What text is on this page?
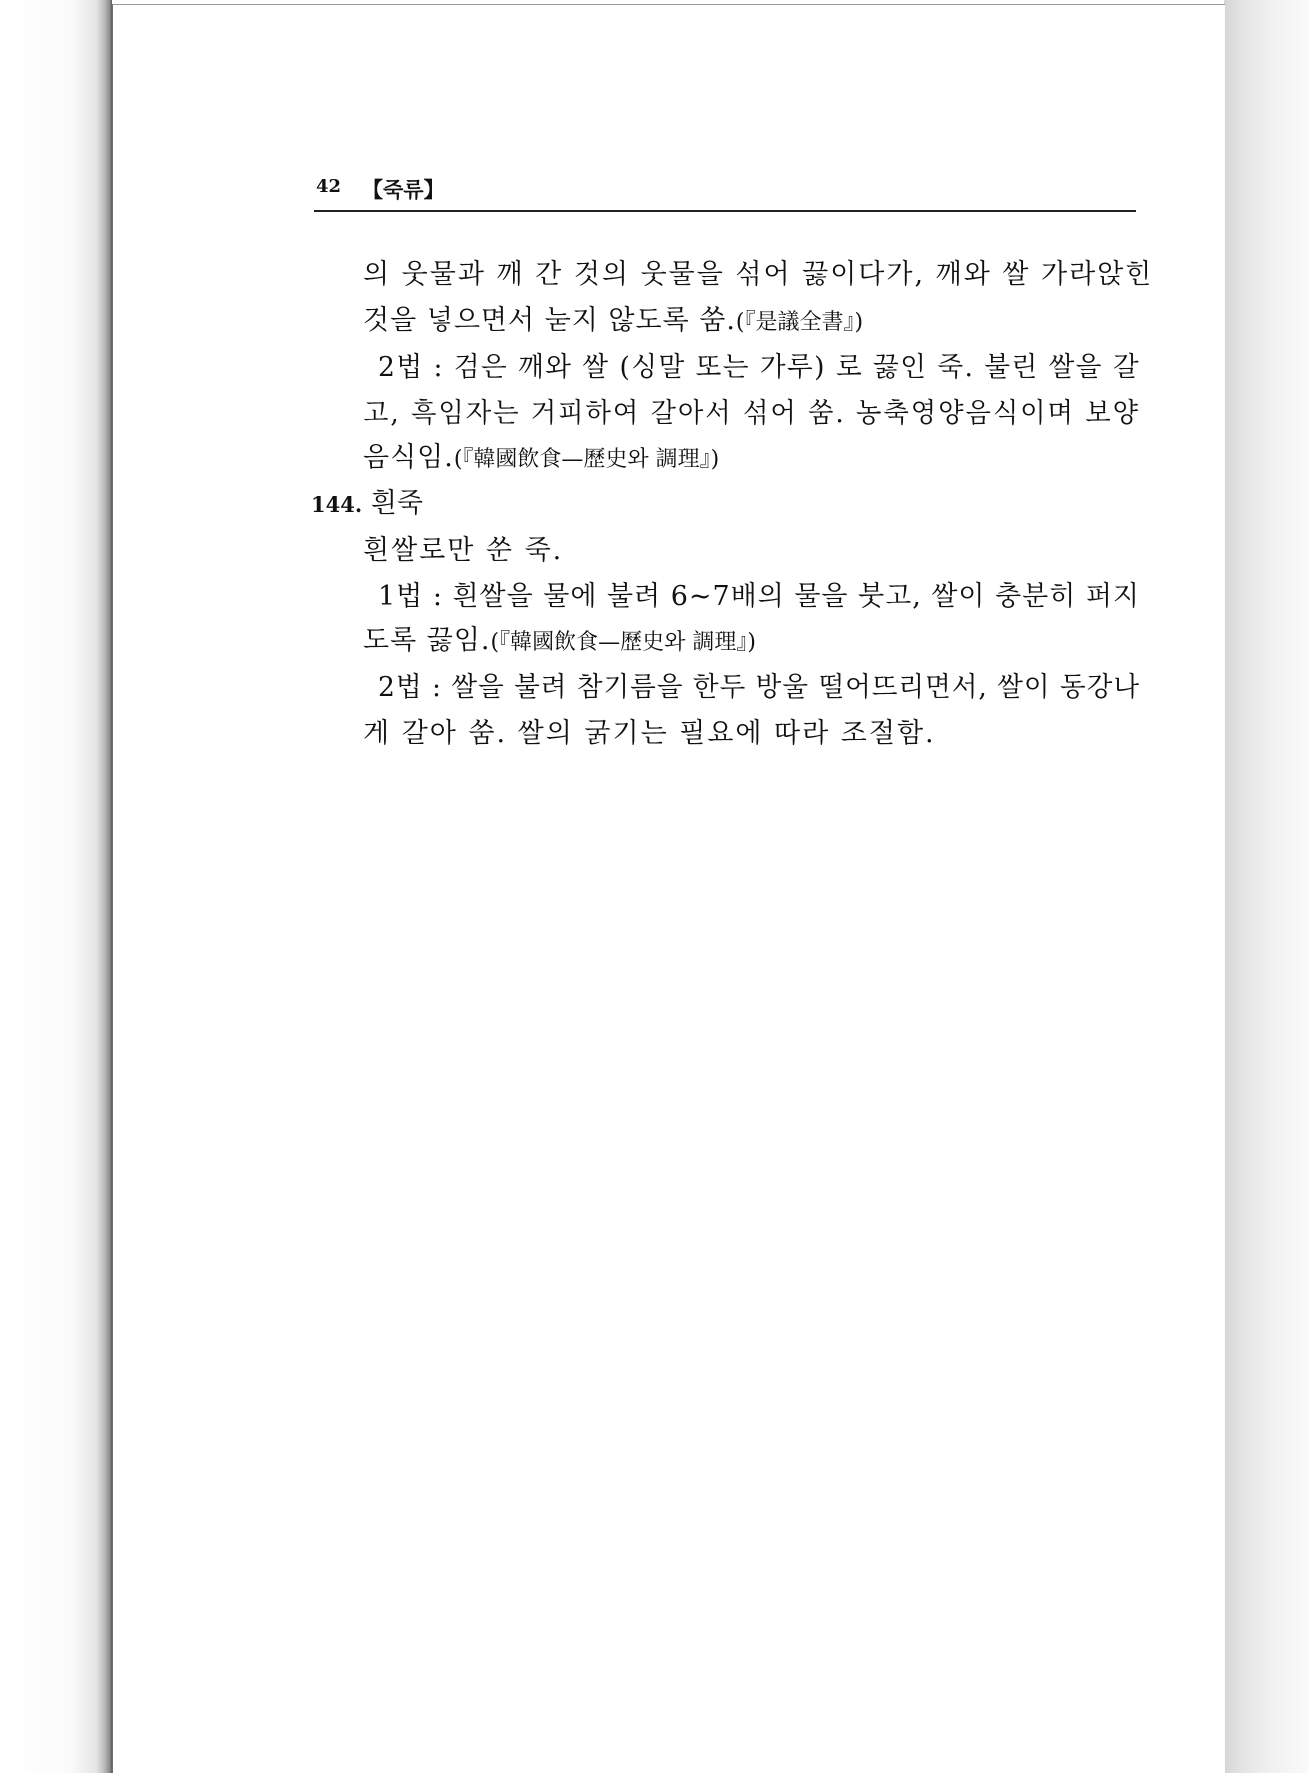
42 【죽류】
의 웃물과 깨 간 것의 웃물을 섞어 끓이다가, 깨와 쌀 가라앉힌
것을 넣으면서 눋지 않도록 쑴.(『是議全書』)
2법 : 검은 깨와 쌀 (싱말 또는 가루) 로 끓인 죽. 불린 쌀을 갈
고, 흑임자는 거피하여 갈아서 섞어 쑴. 농축영양음식이며 보양
음식임.(『韓國飲食—歷史와 調理』)
144. 흰죽
흰쌀로만 쑨 죽.
1법 : 흰쌀을 물에 불려 6~7배의 물을 붓고, 쌀이 충분히 퍼지
도록 끓임.(『韓國飲食—歷史와 調理』)
2법 : 쌀을 불려 참기름을 한두 방울 떨어뜨리면서, 쌀이 동강나
게 갈아 쑴. 쌀의 굵기는 필요에 따라 조절함.
